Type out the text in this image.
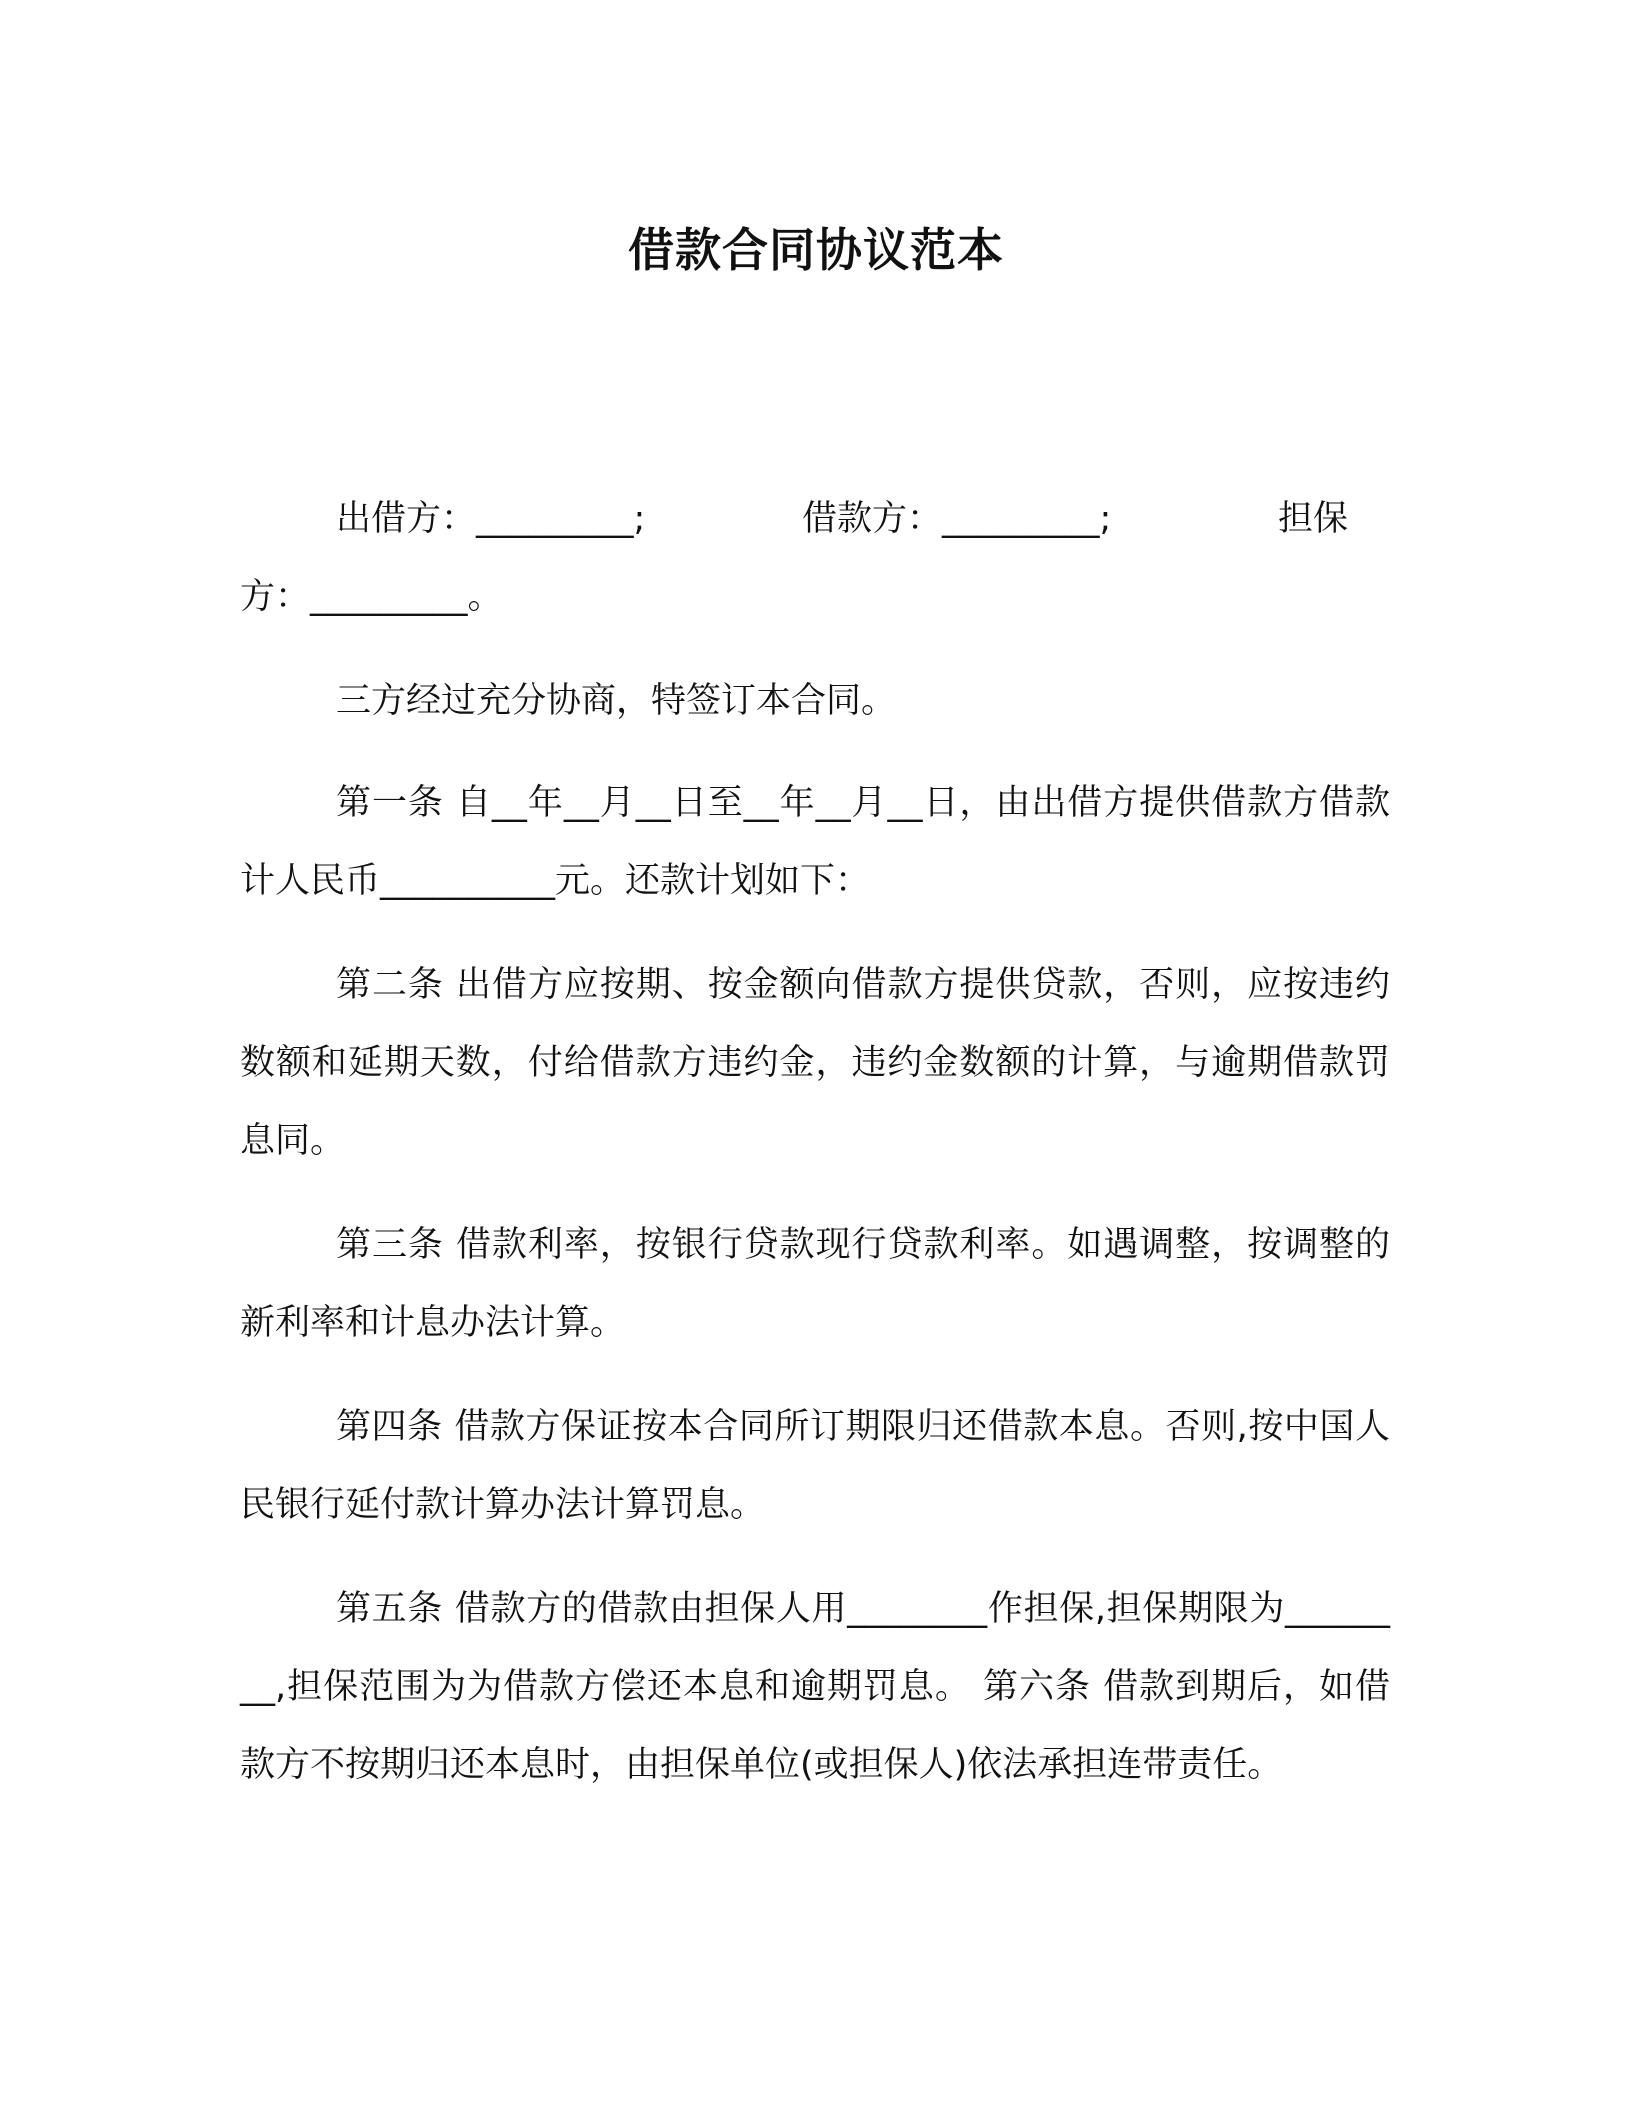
借款合同协议范本
出借方：_________;	借款方：_________;	担保
方：_________。

三方经过充分协商，特签订本合同。

第一条 自__年__月__日至__年__月__日，由出借方提供借款方借款计人民币__________元。还款计划如下：

第二条 出借方应按期、按金额向借款方提供贷款，否则，应按违约数额和延期天数，付给借款方违约金，违约金数额的计算，与逾期借款罚息同。

第三条 借款利率，按银行贷款现行贷款利率。如遇调整，按调整的新利率和计息办法计算。

第四条 借款方保证按本合同所订期限归还借款本息。否则,按中国人民银行延付款计算办法计算罚息。

第五条 借款方的借款由担保人用________作担保,担保期限为________,担保范围为为借款方偿还本息和逾期罚息。 第六条 借款到期后，如借款方不按期归还本息时，由担保单位(或担保人)依法承担连带责任。
